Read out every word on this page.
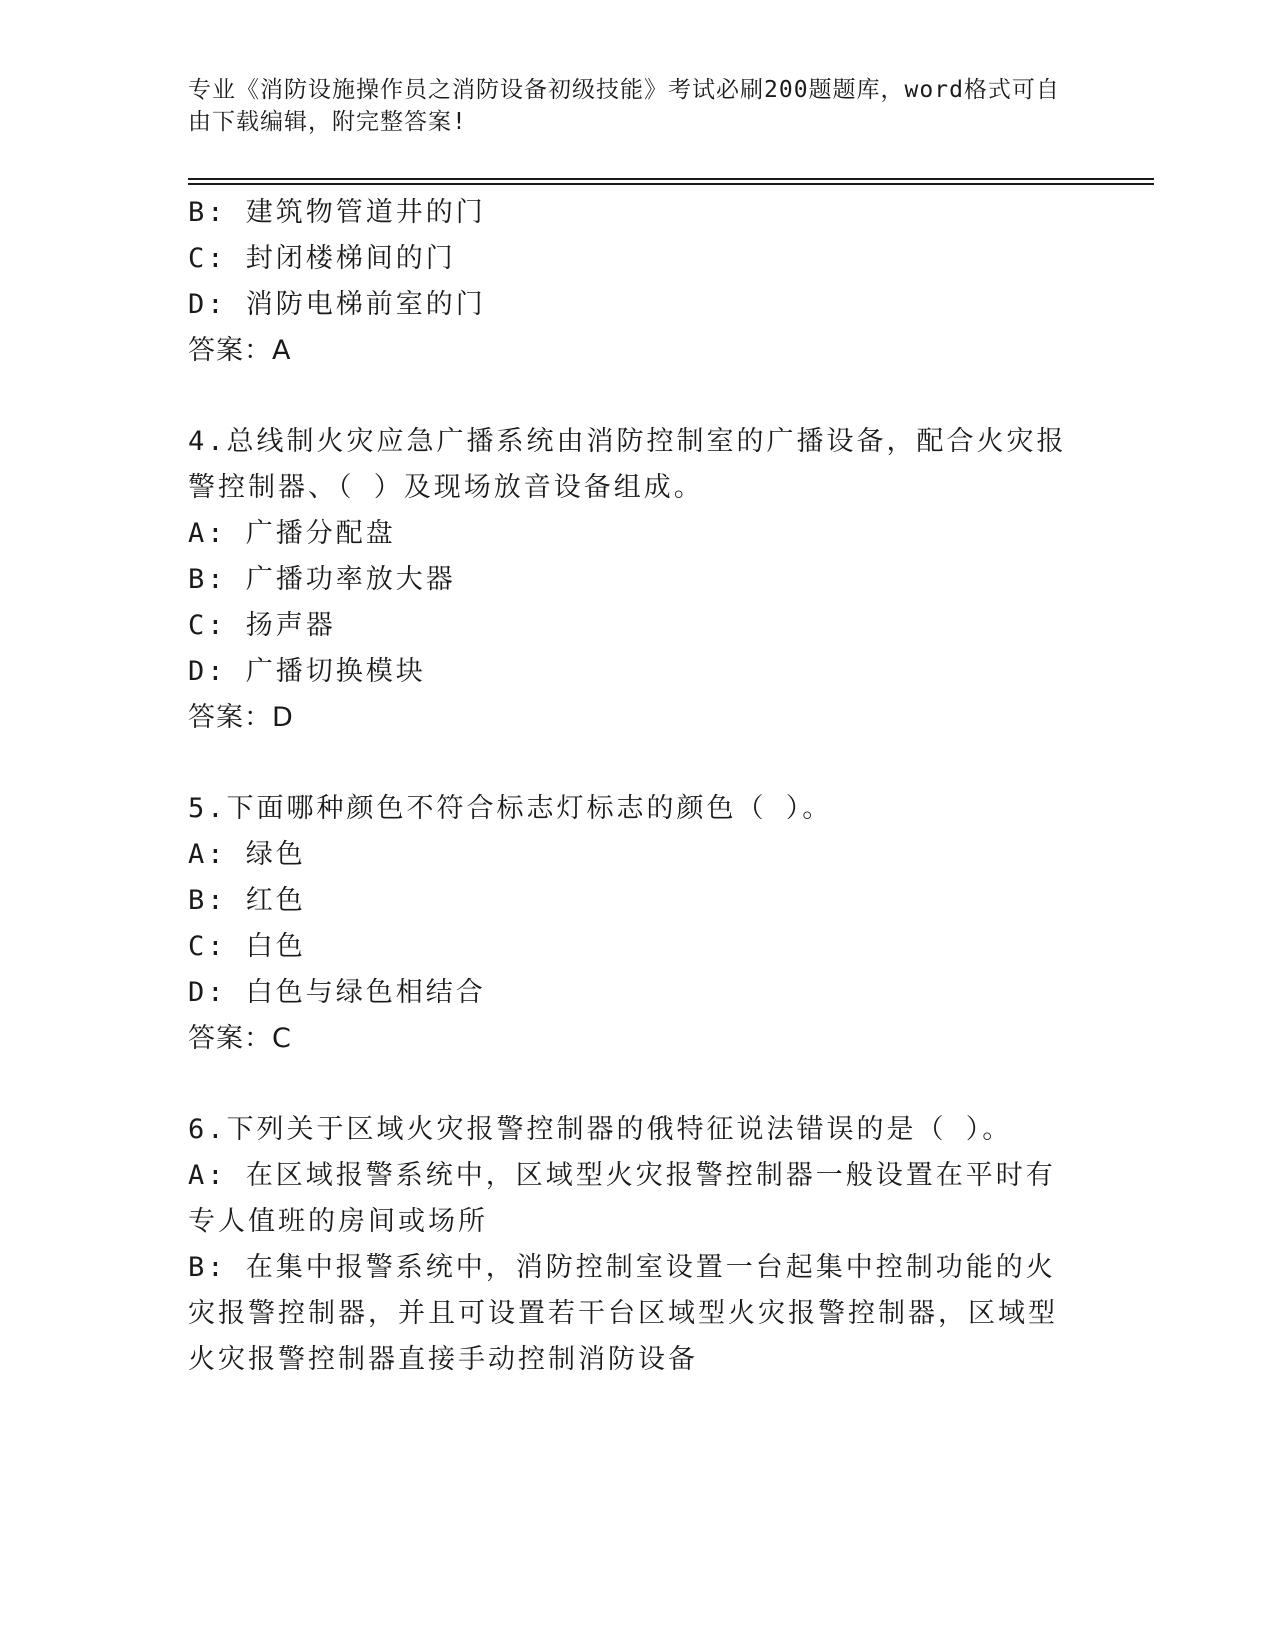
专业《消防设施操作员之消防设备初级技能》考试必刷200题题库，word格式可自由下载编辑，附完整答案!

B: 建筑物管道井的门

C: 封闭楼梯间的门

D: 消防电梯前室的门

答案：A

4.总线制火灾应急广播系统由消防控制室的广播设备，配合火灾报警控制器、（ ）及现场放音设备组成。

A: 广播分配盘

B: 广播功率放大器

C: 扬声器

D: 广播切换模块

答案：D

5.下面哪种颜色不符合标志灯标志的颜色（ ）。

A: 绿色

B: 红色

C: 白色

D: 白色与绿色相结合

答案：C

6.下列关于区域火灾报警控制器的俄特征说法错误的是（ ）。

A: 在区域报警系统中，区域型火灾报警控制器一般设置在平时有专人值班的房间或场所

B: 在集中报警系统中，消防控制室设置一台起集中控制功能的火灾报警控制器，并且可设置若干台区域型火灾报警控制器，区域型火灾报警控制器直接手动控制消防设备
